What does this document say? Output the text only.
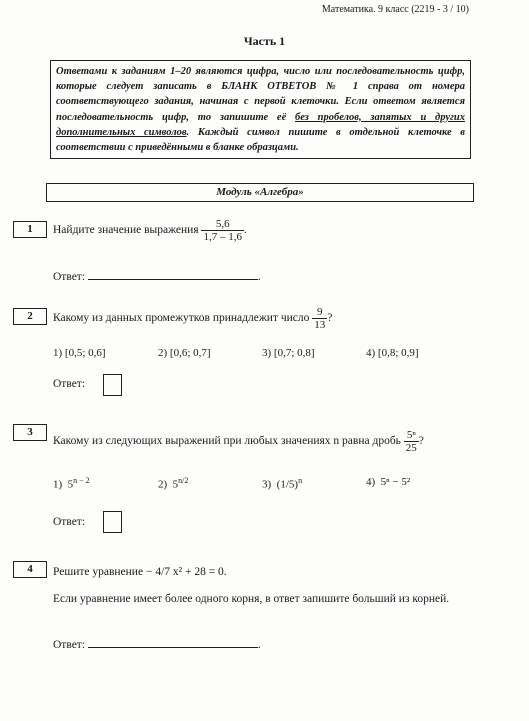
Математика. 9 класс (2219 - 3 / 10)
Часть 1
Ответами к заданиям 1–20 являются цифра, число или последовательность цифр, которые следует записать в БЛАНК ОТВЕТОВ № 1 справа от номера соответствующего задания, начиная с первой клеточки. Если ответом является последовательность цифр, то запишите её без пробелов, запятых и других дополнительных символов. Каждый символ пишите в отдельной клеточке в соответствии с приведёнными в бланке образцами.
Модуль «Алгебра»
1	Найдите значение выражения $\frac{5,6}{1,7 - 1,6}$ .
Ответ:	.
2	Какому из данных промежутков принадлежит число $\frac{9}{13}$ ?
1) [0,5; 0,6]	2) [0,6; 0,7]	3) [0,7; 0,8]	4) [0,8; 0,9]
Ответ:
3
Какому из следующих выражений при любых значениях n равна дробь $\frac{\text{5ⁿ}}{25}$ ?
1) $5^{n - 2}$	2) $5^{n/2}$	3) $(1/5)^n$	4) 5ⁿ − 5²
Ответ:
4	Решите уравнение − 4/7 x² + 28 = 0.
Если уравнение имеет более одного корня, в ответ запишите больший из корней.
Ответ:	.
